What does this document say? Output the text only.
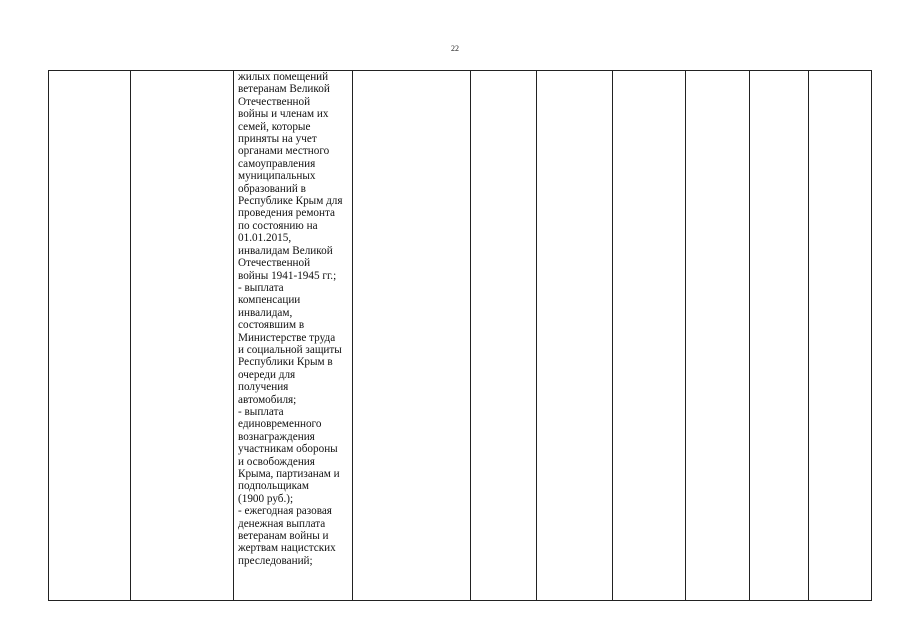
22

жилых помещений
ветеранам Великой
Отечественной
войны и членам их
семей, которые
приняты на учет
органами местного
самоуправления
муниципальных
образований в
Республике Крым для
проведения ремонта
по состоянию на
01.01.2015,
инвалидам Великой
Отечественной
войны 1941-1945 гг.;
- выплата
компенсации
инвалидам,
состоявшим в
Министерстве труда
и социальной защиты
Республики Крым в
очереди для
получения
автомобиля;
- выплата
единовременного
вознаграждения
участникам обороны
и освобождения
Крыма, партизанам и
подпольщикам
(1900 руб.);
- ежегодная разовая
денежная выплата
ветеранам войны и
жертвам нацистских
преследований;
